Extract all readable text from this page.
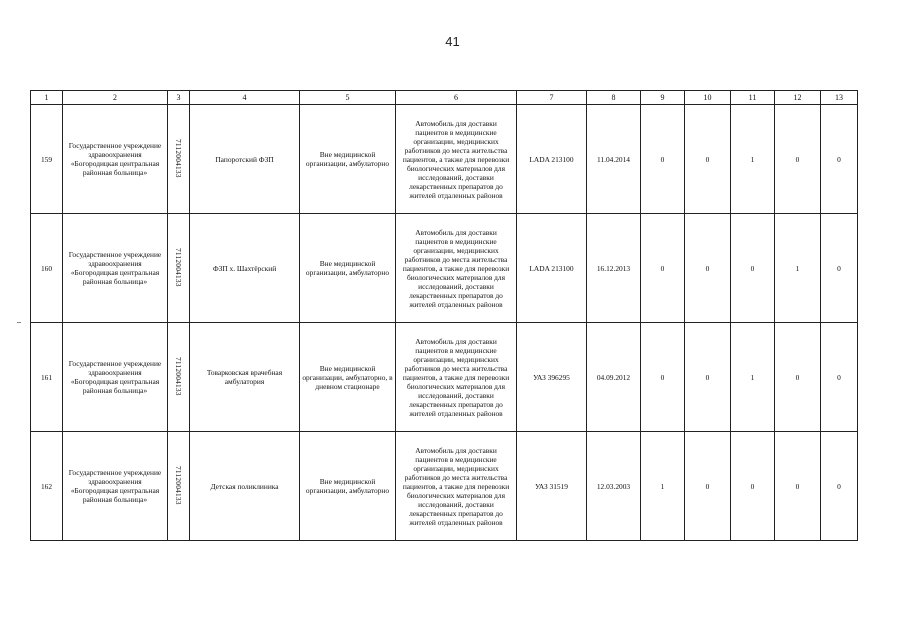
41
1	2	3	4	5	6	7	8	9	10	11	12	13
159	Государственное учреждение здравоохранения «Богородицкая центральная районная больница»	7112004133	Папоротский ФЗП	Вне медицинской организации, амбулаторно	Автомобиль для доставки пациентов в медицинские организации, медицинских работников до места жительства пациентов, а также для перевозки биологических материалов для исследований, доставки лекарственных препаратов до жителей отдаленных районов	LADA 213100	11.04.2014	0	0	1	0	0
160	Государственное учреждение здравоохранения «Богородицкая центральная районная больница»	7112004133	ФЗП х. Шахтёрский	Вне медицинской организации, амбулаторно	Автомобиль для доставки пациентов в медицинские организации, медицинских работников до места жительства пациентов, а также для перевозки биологических материалов для исследований, доставки лекарственных препаратов до жителей отдаленных районов	LADA 213100	16.12.2013	0	0	0	1	0
161	Государственное учреждение здравоохранения «Богородицкая центральная районная больница»	7112004133	Товарковская врачебная амбулатория	Вне медицинской организации, амбулаторно, в дневном стационаре	Автомобиль для доставки пациентов в медицинские организации, медицинских работников до места жительства пациентов, а также для перевозки биологических материалов для исследований, доставки лекарственных препаратов до жителей отдаленных районов	УАЗ 396295	04.09.2012	0	0	1	0	0
162	Государственное учреждение здравоохранения «Богородицкая центральная районная больница»	7112004133	Детская поликлиника	Вне медицинской организации, амбулаторно	Автомобиль для доставки пациентов в медицинские организации, медицинских работников до места жительства пациентов, а также для перевозки биологических материалов для исследований, доставки лекарственных препаратов до жителей отдаленных районов	УАЗ 31519	12.03.2003	1	0	0	0	0
